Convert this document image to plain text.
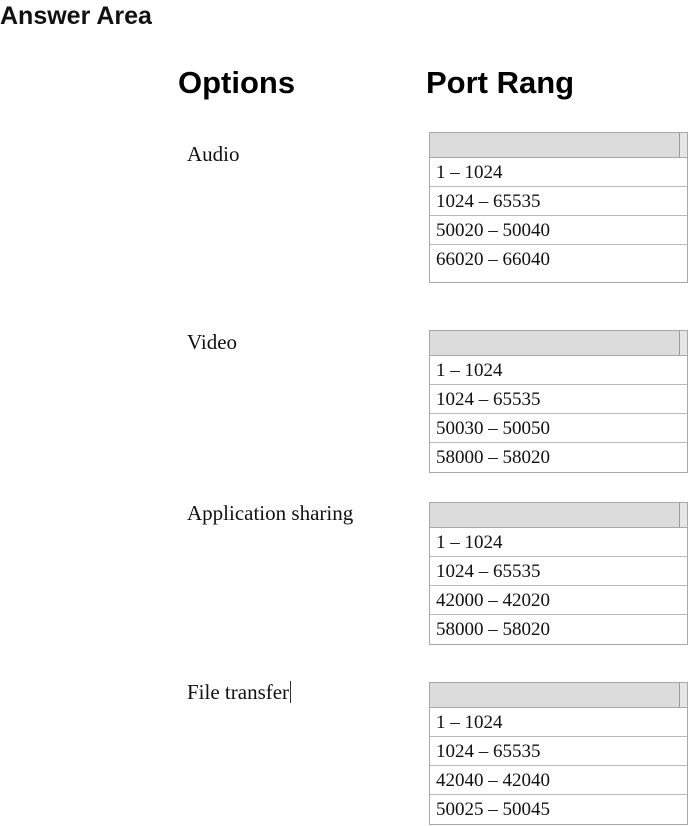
Answer Area
Options	Port Rang
Audio
1 – 1024
1024 – 65535
50020 – 50040
66020 – 66040
Video
1 – 1024
1024 – 65535
50030 – 50050
58000 – 58020
Application sharing
1 – 1024
1024 – 65535
42000 – 42020
58000 – 58020
File transfer
1 – 1024
1024 – 65535
42040 – 42040
50025 – 50045
